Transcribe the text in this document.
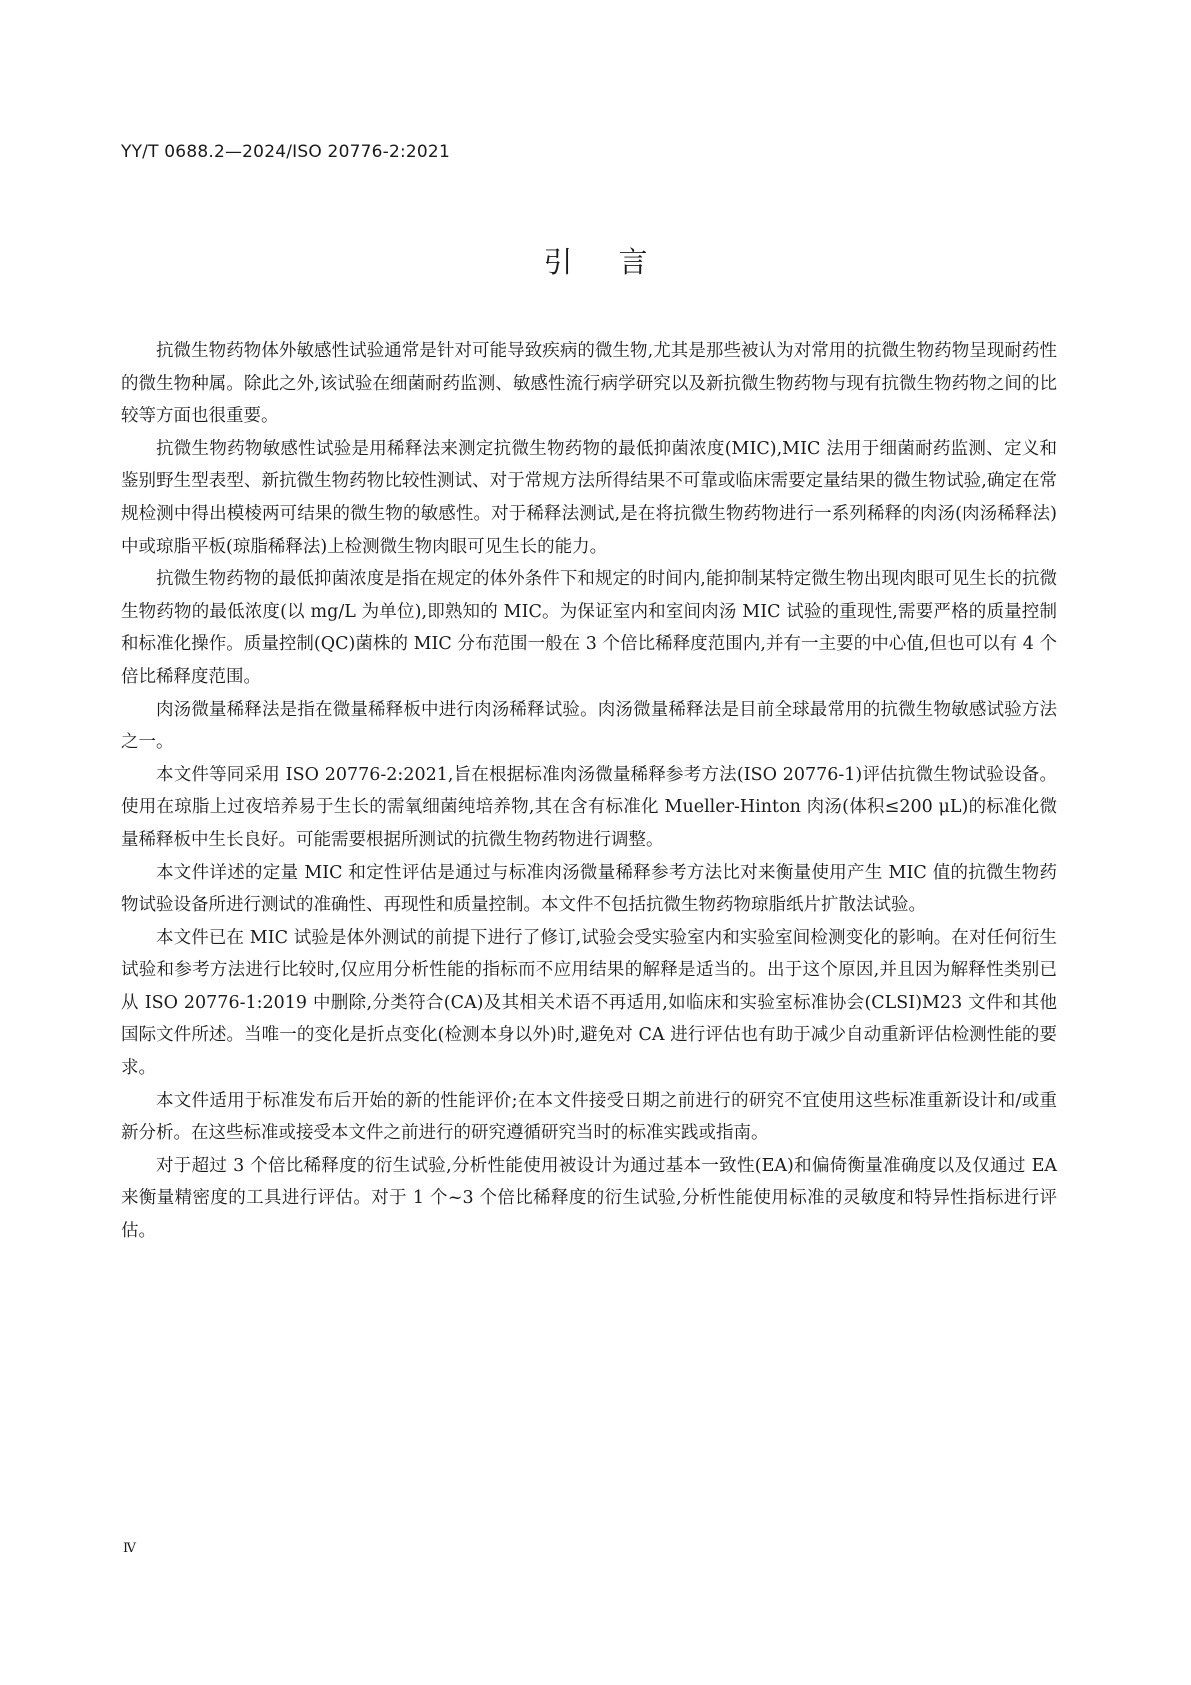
YY/T 0688.2—2024/ISO 20776-2:2021
引言

抗微生物药物体外敏感性试验通常是针对可能导致疾病的微生物,尤其是那些被认为对常用的抗微生物药物呈现耐药性的微生物种属。除此之外,该试验在细菌耐药监测、敏感性流行病学研究以及新抗微生物药物与现有抗微生物药物之间的比较等方面也很重要。

抗微生物药物敏感性试验是用稀释法来测定抗微生物药物的最低抑菌浓度(MIC),MIC 法用于细菌耐药监测、定义和鉴别野生型表型、新抗微生物药物比较性测试、对于常规方法所得结果不可靠或临床需要定量结果的微生物试验,确定在常规检测中得出模棱两可结果的微生物的敏感性。对于稀释法测试,是在将抗微生物药物进行一系列稀释的肉汤(肉汤稀释法)中或琼脂平板(琼脂稀释法)上检测微生物肉眼可见生长的能力。

抗微生物药物的最低抑菌浓度是指在规定的体外条件下和规定的时间内,能抑制某特定微生物出现肉眼可见生长的抗微生物药物的最低浓度(以 mg/L 为单位),即熟知的 MIC。为保证室内和室间肉汤 MIC 试验的重现性,需要严格的质量控制和标准化操作。质量控制(QC)菌株的 MIC 分布范围一般在 3 个倍比稀释度范围内,并有一主要的中心值,但也可以有 4 个倍比稀释度范围。

肉汤微量稀释法是指在微量稀释板中进行肉汤稀释试验。肉汤微量稀释法是目前全球最常用的抗微生物敏感试验方法之一。

本文件等同采用 ISO 20776-2:2021,旨在根据标准肉汤微量稀释参考方法(ISO 20776-1)评估抗微生物试验设备。使用在琼脂上过夜培养易于生长的需氧细菌纯培养物,其在含有标准化 Mueller-Hinton 肉汤(体积≤200 μL)的标准化微量稀释板中生长良好。可能需要根据所测试的抗微生物药物进行调整。

本文件详述的定量 MIC 和定性评估是通过与标准肉汤微量稀释参考方法比对来衡量使用产生 MIC 值的抗微生物药物试验设备所进行测试的准确性、再现性和质量控制。本文件不包括抗微生物药物琼脂纸片扩散法试验。

本文件已在 MIC 试验是体外测试的前提下进行了修订,试验会受实验室内和实验室间检测变化的影响。在对任何衍生试验和参考方法进行比较时,仅应用分析性能的指标而不应用结果的解释是适当的。出于这个原因,并且因为解释性类别已从 ISO 20776-1:2019 中删除,分类符合(CA)及其相关术语不再适用,如临床和实验室标准协会(CLSI)M23 文件和其他国际文件所述。当唯一的变化是折点变化(检测本身以外)时,避免对 CA 进行评估也有助于减少自动重新评估检测性能的要求。

本文件适用于标准发布后开始的新的性能评价;在本文件接受日期之前进行的研究不宜使用这些标准重新设计和/或重新分析。在这些标准或接受本文件之前进行的研究遵循研究当时的标准实践或指南。

对于超过 3 个倍比稀释度的衍生试验,分析性能使用被设计为通过基本一致性(EA)和偏倚衡量准确度以及仅通过 EA 来衡量精密度的工具进行评估。对于 1 个~3 个倍比稀释度的衍生试验,分析性能使用标准的灵敏度和特异性指标进行评估。

Ⅳ
